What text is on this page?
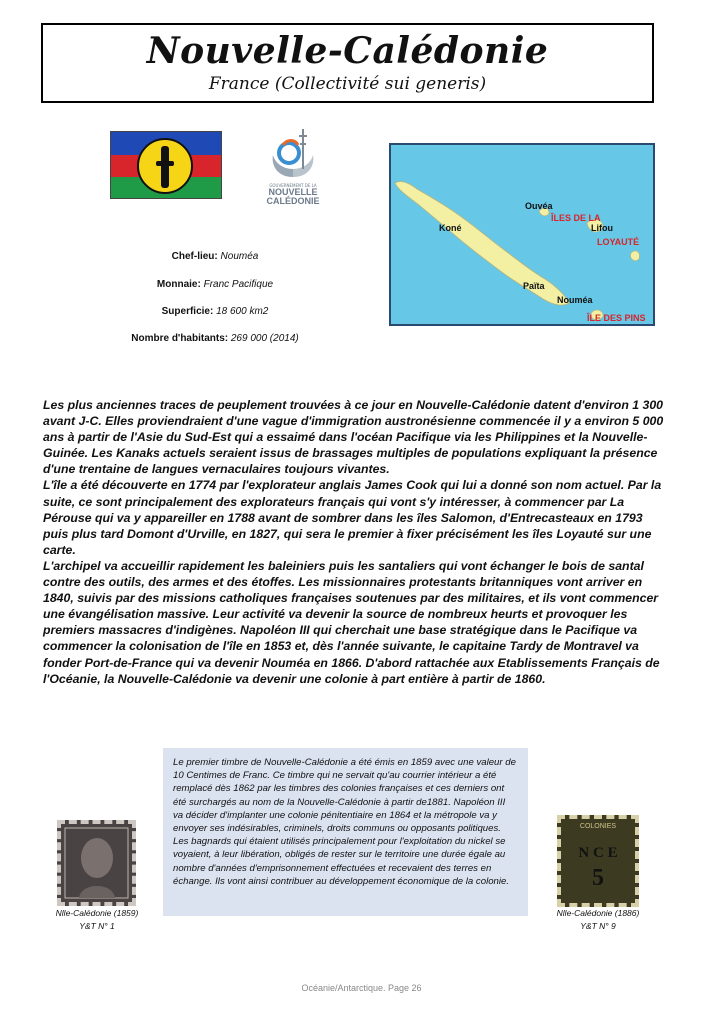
Nouvelle-Calédonie
France (Collectivité sui generis)
GOUVERNEMENT DE LA
NOUVELLE
CALÉDONIE	Ouvéa
ÎLES DE LA
Lifou
LOYAUTÉ
Koné
Païta
Nouméa
ÎLE DES PINS
Chef-lieu: Nouméa
Monnaie: Franc Pacifique
Superficie: 18 600 km2
Nombre d'habitants: 269 000 (2014)

Les plus anciennes traces de peuplement trouvées à ce jour en Nouvelle-Calédonie datent d'environ 1 300 avant J-C. Elles proviendraient d'une vague d'immigration austronésienne commencée il y a environ 5 000 ans à partir de l'Asie du Sud-Est qui a essaimé dans l'océan Pacifique via les Philippines et la Nouvelle-Guinée. Les Kanaks actuels seraient issus de brassages multiples de populations expliquant la présence d'une trentaine de langues vernaculaires toujours vivantes.

L'île a été découverte en 1774 par l'explorateur anglais James Cook qui lui a donné son nom actuel. Par la suite, ce sont principalement des explorateurs français qui vont s'y intéresser, à commencer par La Pérouse qui va y appareiller en 1788 avant de sombrer dans les îles Salomon, d'Entrecasteaux en 1793 puis plus tard Domont d'Urville, en 1827, qui sera le premier à fixer précisément les îles Loyauté sur une carte.

L'archipel va accueillir rapidement les baleiniers puis les santaliers qui vont échanger le bois de santal contre des outils, des armes et des étoffes. Les missionnaires protestants britanniques vont arriver en 1840, suivis par des missions catholiques françaises soutenues par des militaires, et ils vont commencer une évangélisation massive. Leur activité va devenir la source de nombreux heurts et provoquer les premiers massacres d'indigènes. Napoléon III qui cherchait une base stratégique dans le Pacifique va commencer la colonisation de l'île en 1853 et, dès l'année suivante, le capitaine Tardy de Montravel va fonder Port-de-France qui va devenir Nouméa en 1866. D'abord rattachée aux Etablissements Français de l'Océanie, la Nouvelle-Calédonie va devenir une colonie à part entière à partir de 1860.

Nlle-Calédonie (1859)
Y&T N° 1
Le premier timbre de Nouvelle-Calédonie a été émis en 1859 avec une valeur de 10 Centimes de Franc. Ce timbre qui ne servait qu'au courrier intérieur a été remplacé dès 1862 par les timbres des colonies françaises et ces derniers ont été surchargés au nom de la Nouvelle-Calédonie à partir de1881. Napoléon III va décider d'implanter une colonie pénitentiaire en 1864 et la métropole va y envoyer ses indésirables, criminels, droits communs ou opposants politiques. Les bagnards qui étaient utilisés principalement pour l'exploitation du nickel se voyaient, à leur libération, obligés de rester sur le territoire une durée égale au nombre d'années d'emprisonnement effectuées et recevaient des terres en échange. Ils vont ainsi contribuer au développement économique de la colonie.
COLONIES
N C E
5
Nlle-Calédonie (1886)
Y&T N° 9
Océanie/Antarctique. Page 26
